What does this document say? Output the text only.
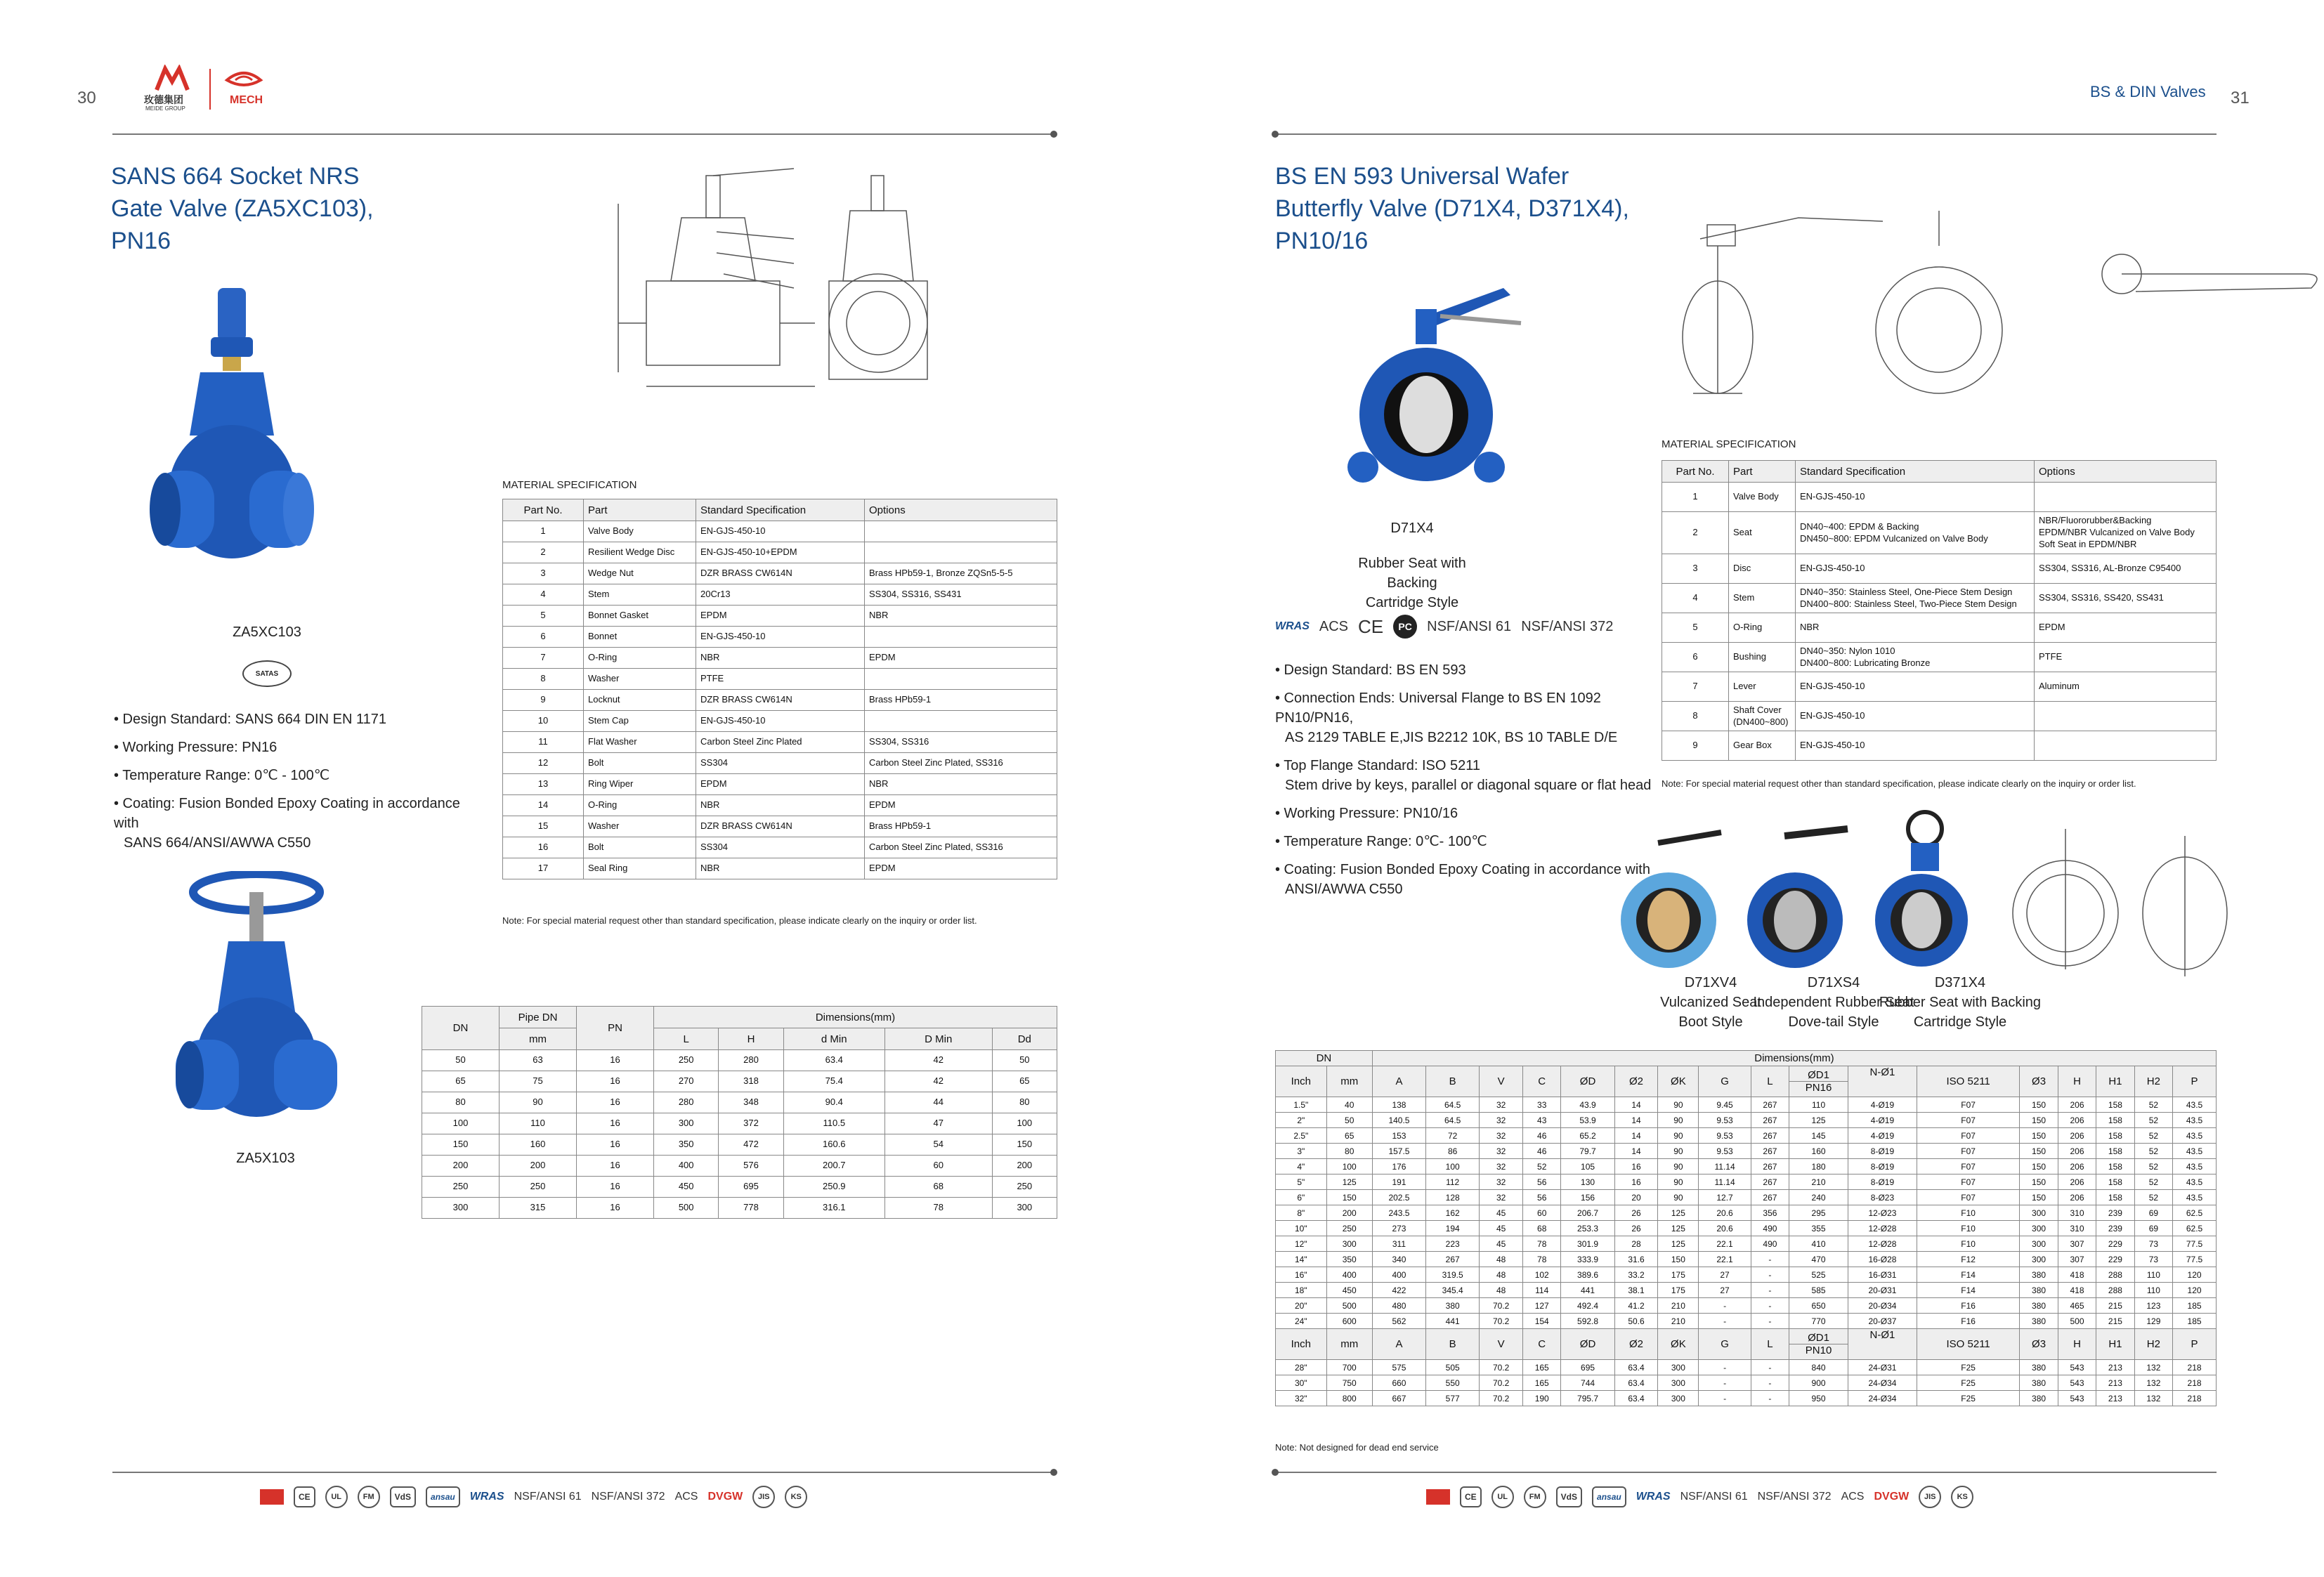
30	玫德集团
MEIDE GROUP
MECH
SANS 664 Socket NRS
Gate Valve (ZA5XC103),
PN16
ZA5XC103
SATAS
• Design Standard: SANS 664 DIN EN 1171
• Working Pressure: PN16
• Temperature Range: 0℃ - 100℃
• Coating: Fusion Bonded Epoxy Coating in accordance with
SANS 664/ANSI/AWWA C550
ZA5X103
MATERIAL SPECIFICATION
Part No.	Part	Standard Specification	Options
1	Valve Body	EN-GJS-450-10	
2	Resilient Wedge Disc	EN-GJS-450-10+EPDM	
3	Wedge Nut	DZR BRASS CW614N	Brass HPb59-1, Bronze ZQSn5-5-5
4	Stem	20Cr13	SS304, SS316, SS431
5	Bonnet Gasket	EPDM	NBR
6	Bonnet	EN-GJS-450-10	
7	O-Ring	NBR	EPDM
8	Washer	PTFE	
9	Locknut	DZR BRASS CW614N	Brass HPb59-1
10	Stem Cap	EN-GJS-450-10	
11	Flat Washer	Carbon Steel Zinc Plated	SS304, SS316
12	Bolt	SS304	Carbon Steel Zinc Plated, SS316
13	Ring Wiper	EPDM	NBR
14	O-Ring	NBR	EPDM
15	Washer	DZR BRASS CW614N	Brass HPb59-1
16	Bolt	SS304	Carbon Steel Zinc Plated, SS316
17	Seal Ring	NBR	EPDM
Note: For special material request other than standard specification, please indicate clearly on the inquiry or order list.
DN	Pipe DN	PN	Dimensions(mm)				
	mm		L	H	d Min	D Min	Dd
50	63	16	250	280	63.4	42	50
65	75	16	270	318	75.4	42	65
80	90	16	280	348	90.4	44	80
100	110	16	300	372	110.5	47	100
150	160	16	350	472	160.6	54	150
200	200	16	400	576	200.7	60	200
250	250	16	450	695	250.9	68	250
300	315	16	500	778	316.1	78	300
CE	UL	FM	VdS	ansau	WRAS NSF/ANSI 61 NSF/ANSI 372 ACS DVGW	JIS	KS
BS & DIN Valves 31
BS EN 593 Universal Wafer
Butterfly Valve (D71X4, D371X4),
PN10/16
D71X4
Rubber Seat with Backing
Cartridge Style
WRAS ACS CE	PC	NSF/ANSI 61 NSF/ANSI 372
• Design Standard: BS EN 593
• Connection Ends: Universal Flange to BS EN 1092 PN10/PN16,
AS 2129 TABLE E,JIS B2212 10K, BS 10 TABLE D/E
• Top Flange Standard: ISO 5211
Stem drive by keys, parallel or diagonal square or flat head
• Working Pressure: PN10/16
• Temperature Range: 0℃- 100℃
• Coating: Fusion Bonded Epoxy Coating in accordance with
ANSI/AWWA C550
MATERIAL SPECIFICATION
Part No.	Part	Standard Specification	Options
1	Valve Body	EN-GJS-450-10	
2	Seat	DN40~400: EPDM & Backing
DN450~800: EPDM Vulcanized on Valve Body	NBR/Fluororubber&Backing
EPDM/NBR Vulcanized on Valve Body
Soft Seat in EPDM/NBR
3	Disc	EN-GJS-450-10	SS304, SS316, AL-Bronze C95400
4	Stem	DN40~350: Stainless Steel, One-Piece Stem Design
DN400~800: Stainless Steel, Two-Piece Stem Design	SS304, SS316, SS420, SS431
5	O-Ring	NBR	EPDM
6	Bushing	DN40~350: Nylon 1010
DN400~800: Lubricating Bronze	PTFE
7	Lever	EN-GJS-450-10	Aluminum
8	Shaft Cover
(DN400~800)	EN-GJS-450-10	
9	Gear Box	EN-GJS-450-10	
Note: For special material request other than standard specification, please indicate clearly on the inquiry or order list.
D71XV4
Vulcanized Seat
Boot Style
D71XS4
Independent Rubber Seat
Dove-tail Style
D371X4
Rubber Seat with Backing
Cartridge Style
DN		Dimensions(mm)																
Inch	mm	A	B	V	C	ØD	Ø2	ØK	G	L	ØD1
PN16	N-Ø1	ISO 5211	Ø3	H	H1	H2	P
1.5"	40	138	64.5	32	33	43.9	14	90	9.45	267	110	4-Ø19	F07	150	206	158	52	43.5
2"	50	140.5	64.5	32	43	53.9	14	90	9.53	267	125	4-Ø19	F07	150	206	158	52	43.5
2.5"	65	153	72	32	46	65.2	14	90	9.53	267	145	4-Ø19	F07	150	206	158	52	43.5
3"	80	157.5	86	32	46	79.7	14	90	9.53	267	160	8-Ø19	F07	150	206	158	52	43.5
4"	100	176	100	32	52	105	16	90	11.14	267	180	8-Ø19	F07	150	206	158	52	43.5
5"	125	191	112	32	56	130	16	90	11.14	267	210	8-Ø19	F07	150	206	158	52	43.5
6"	150	202.5	128	32	56	156	20	90	12.7	267	240	8-Ø23	F07	150	206	158	52	43.5
8"	200	243.5	162	45	60	206.7	26	125	20.6	356	295	12-Ø23	F10	300	310	239	69	62.5
10"	250	273	194	45	68	253.3	26	125	20.6	490	355	12-Ø28	F10	300	310	239	69	62.5
12"	300	311	223	45	78	301.9	28	125	22.1	490	410	12-Ø28	F10	300	307	229	73	77.5
14"	350	340	267	48	78	333.9	31.6	150	22.1	-	470	16-Ø28	F12	300	307	229	73	77.5
16"	400	400	319.5	48	102	389.6	33.2	175	27	-	525	16-Ø31	F14	380	418	288	110	120
18"	450	422	345.4	48	114	441	38.1	175	27	-	585	20-Ø31	F14	380	418	288	110	120
20"	500	480	380	70.2	127	492.4	41.2	210	-	-	650	20-Ø34	F16	380	465	215	123	185
24"	600	562	441	70.2	154	592.8	50.6	210	-	-	770	20-Ø37	F16	380	500	215	129	185
Inch	mm	A	B	V	C	ØD	Ø2	ØK	G	L	ØD1
PN10	N-Ø1	ISO 5211	Ø3	H	H1	H2	P
28"	700	575	505	70.2	165	695	63.4	300	-	-	840	24-Ø31	F25	380	543	213	132	218
30"	750	660	550	70.2	165	744	63.4	300	-	-	900	24-Ø34	F25	380	543	213	132	218
32"	800	667	577	70.2	190	795.7	63.4	300	-	-	950	24-Ø34	F25	380	543	213	132	218
Note: Not designed for dead end service
CE	UL	FM	VdS	ansau	WRAS NSF/ANSI 61 NSF/ANSI 372 ACS DVGW	JIS	KS
